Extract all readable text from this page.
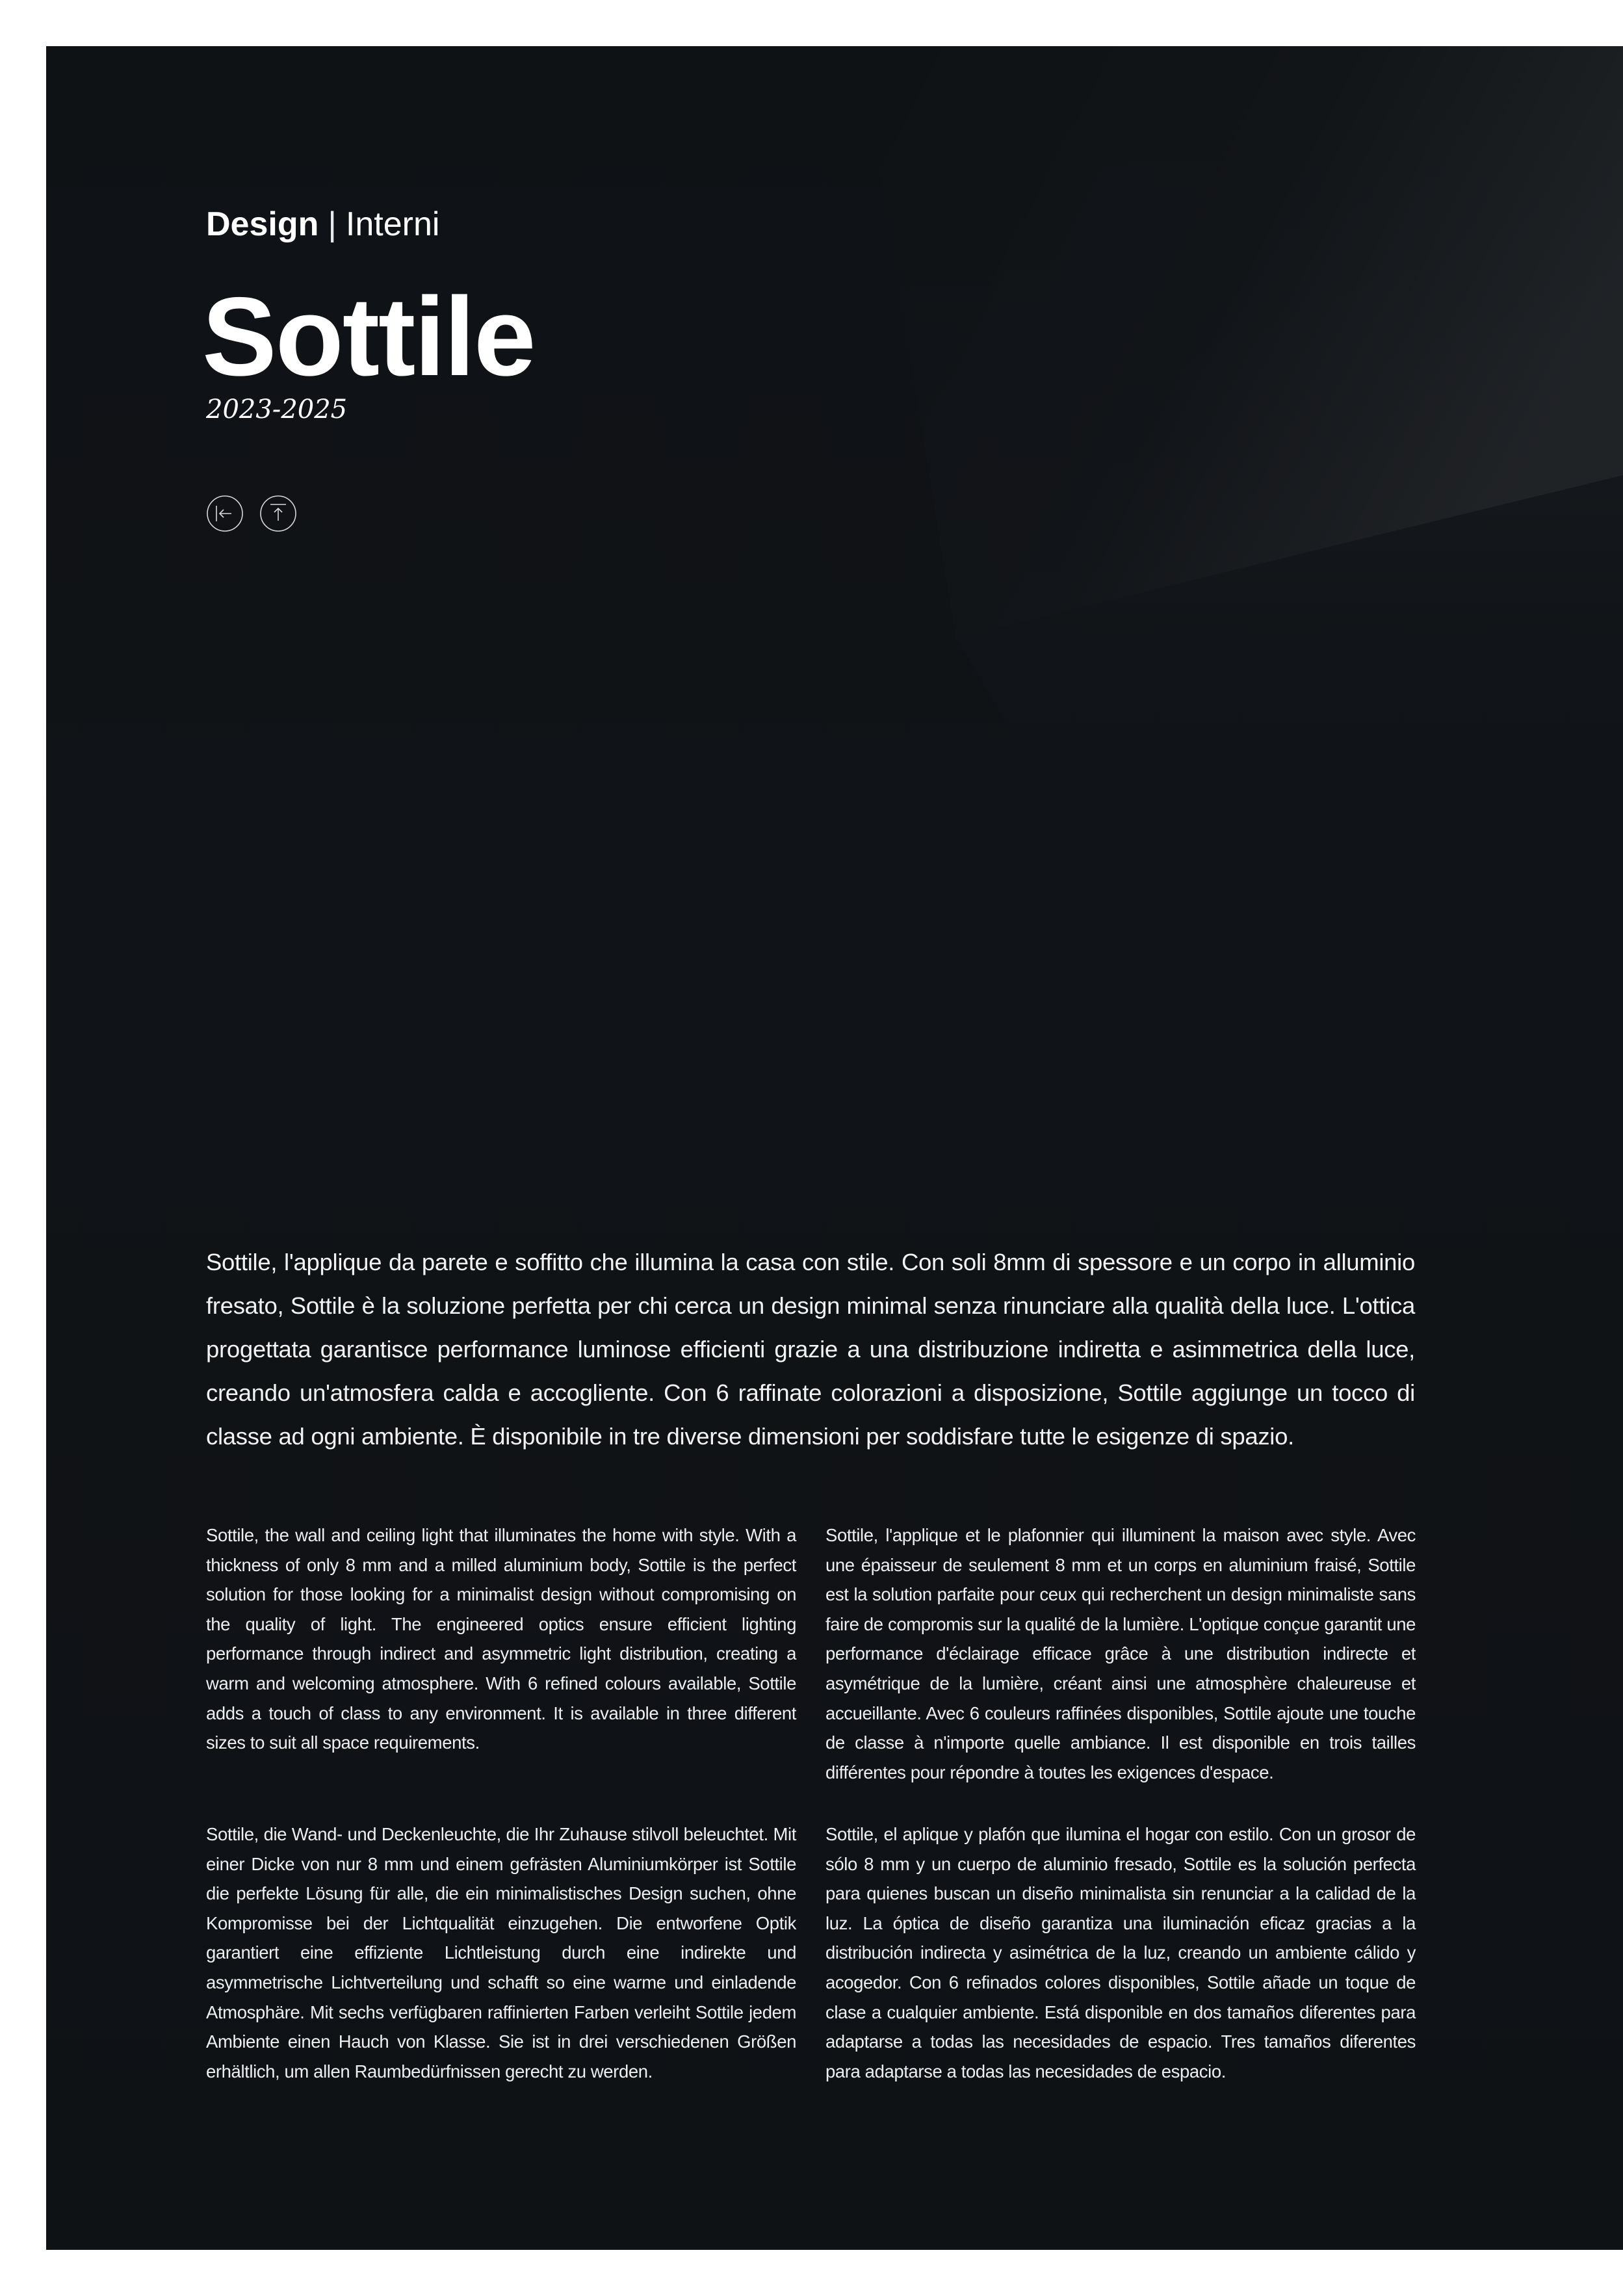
Design | Interni
Sottile
2023-2025

Sottile, l'applique da parete e soffitto che illumina la casa con stile. Con soli 8mm di spessore e un corpo in alluminio fresato, Sottile è la soluzione perfetta per chi cerca un design minimal senza rinunciare alla qualità della luce. L'ottica progettata garantisce performance luminose efficienti grazie a una distribuzione indiretta e asimmetrica della luce, creando un'atmosfera calda e accogliente. Con 6 raffinate colorazioni a disposizione, Sottile aggiunge un tocco di classe ad ogni ambiente. È disponibile in tre diverse dimensioni per soddisfare tutte le esigenze di spazio.

Sottile, the wall and ceiling light that illuminates the home with style. With a thickness of only 8 mm and a milled aluminium body, Sottile is the perfect solution for those looking for a minimalist design without compromising on the quality of light. The engineered optics ensure efficient lighting performance through indirect and asymmetric light distribution, creating a warm and welcoming atmosphere. With 6 refined colours available, Sottile adds a touch of class to any environment. It is available in three different sizes to suit all space requirements.

Sottile, l'applique et le plafonnier qui illuminent la maison avec style. Avec une épaisseur de seulement 8 mm et un corps en aluminium fraisé, Sottile est la solution parfaite pour ceux qui recherchent un design minimaliste sans faire de compromis sur la qualité de la lumière. L'optique conçue garantit une performance d'éclairage efficace grâce à une distribution indirecte et asymétrique de la lumière, créant ainsi une atmosphère chaleureuse et accueillante. Avec 6 couleurs raffinées disponibles, Sottile ajoute une touche de classe à n'importe quelle ambiance. Il est disponible en trois tailles différentes pour répondre à toutes les exigences d'espace.

Sottile, die Wand- und Deckenleuchte, die Ihr Zuhause stilvoll beleuchtet. Mit einer Dicke von nur 8 mm und einem gefrästen Aluminiumkörper ist Sottile die perfekte Lösung für alle, die ein minimalistisches Design suchen, ohne Kompromisse bei der Lichtqualität einzugehen. Die entworfene Optik garantiert eine effiziente Lichtleistung durch eine indirekte und asymmetrische Lichtverteilung und schafft so eine warme und einladende Atmosphäre. Mit sechs verfügbaren raffinierten Farben verleiht Sottile jedem Ambiente einen Hauch von Klasse. Sie ist in drei verschiedenen Größen erhältlich, um allen Raumbedürfnissen gerecht zu werden.

Sottile, el aplique y plafón que ilumina el hogar con estilo. Con un grosor de sólo 8 mm y un cuerpo de aluminio fresado, Sottile es la solución perfecta para quienes buscan un diseño minimalista sin renunciar a la calidad de la luz. La óptica de diseño garantiza una iluminación eficaz gracias a la distribución indirecta y asimétrica de la luz, creando un ambiente cálido y acogedor. Con 6 refinados colores disponibles, Sottile añade un toque de clase a cualquier ambiente. Está disponible en dos tamaños diferentes para adaptarse a todas las necesidades de espacio. Tres tamaños diferentes para adaptarse a todas las necesidades de espacio.
